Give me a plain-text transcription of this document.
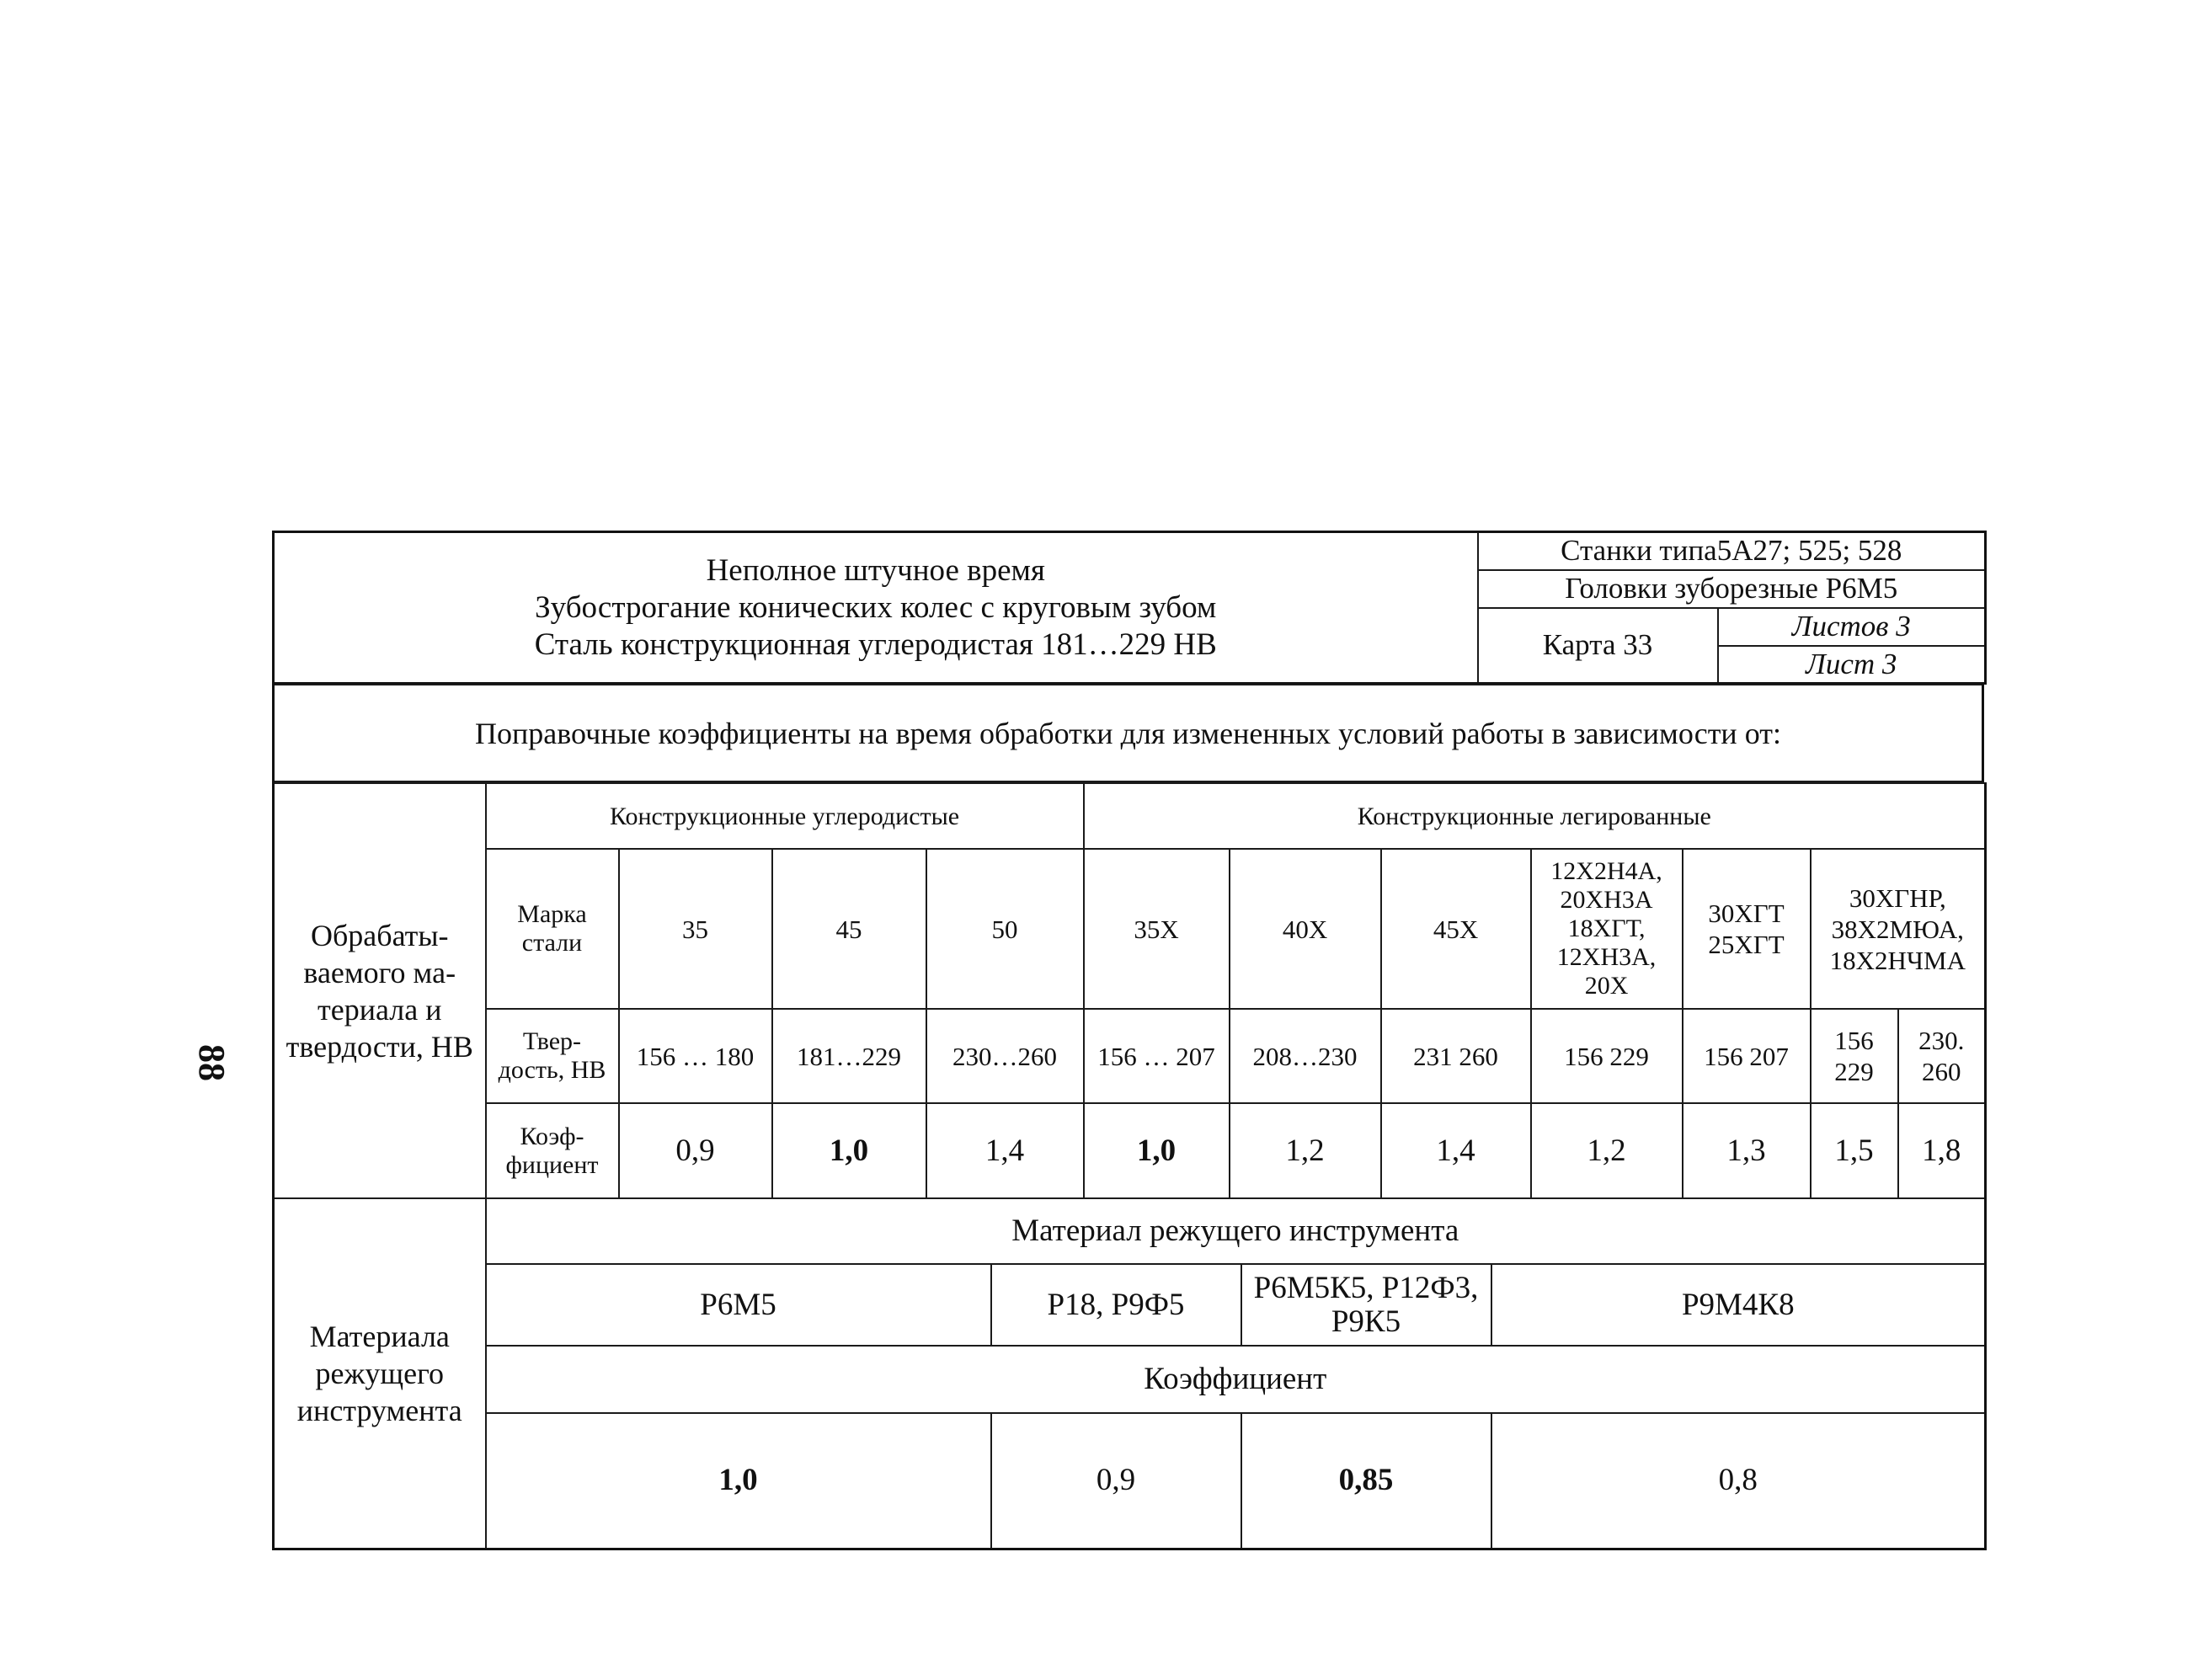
88
Неполное штучное время
Зубострогание конических колес с круговым зубом
Сталь конструкционная углеродистая 181…229 НВ	Станки типа5А27; 525; 528	
	Головки зуборезные Р6М5	
	Карта 33	Листов 3
		Лист 3
Поправочные коэффициенты на время обработки для измененных условий работы в зависимости от:
Обрабаты- ваемого ма- териала и твердости, НВ	Конструкционные углеродистые				Конструкционные легированные						
	Марка стали	35	45	50	35Х	40Х	45Х	12Х2Н4А, 20ХН3А 18ХГТ, 12ХН3А, 20Х	30ХГТ 25ХГТ	30ХГНР, 38Х2МЮА, 18Х2НЧМА	
	Твер- дость, НВ	156 … 180	181…229	230…260	156 … 207	208…230	231 260	156 229	156 207	156 229	230. 260
	Коэф- фициент	0,9	1,0	1,4	1,0	1,2	1,4	1,2	1,3	1,5	1,8
Материала режущего инструмента	Материал режущего инструмента			
	Р6М5	Р18, Р9Ф5	Р6М5К5, Р12Ф3, Р9К5	Р9М4К8
	Коэффициент			
	1,0	0,9	0,85	0,8
